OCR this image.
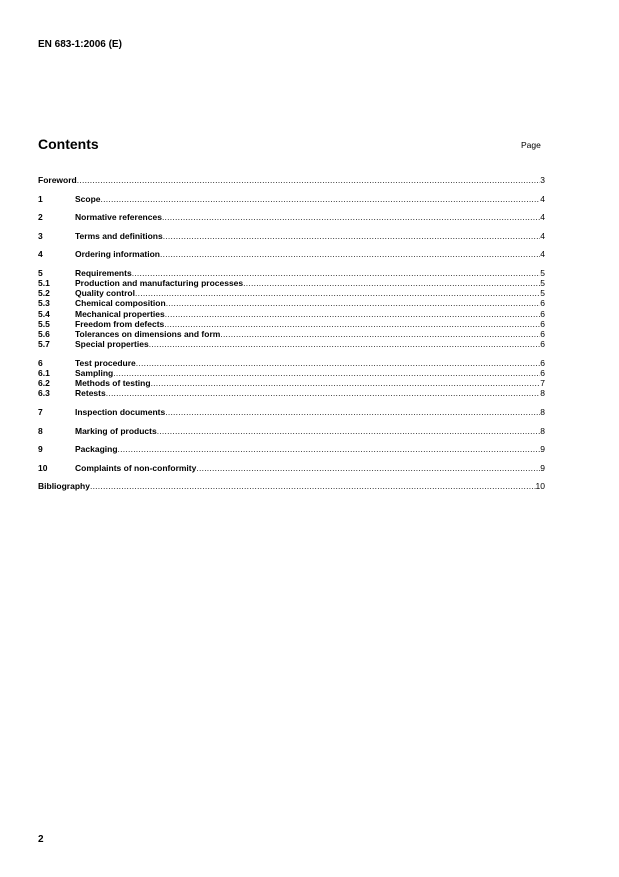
EN 683-1:2006 (E)
Contents	Page
Foreword .....	3
1	Scope .....	4
2	Normative references .....	4
3	Terms and definitions .....	4
4	Ordering information .....	4
5	Requirements .....	5
5.1	Production and manufacturing processes .....	5
5.2	Quality control .....	5
5.3	Chemical composition .....	6
5.4	Mechanical properties .....	6
5.5	Freedom from defects .....	6
5.6	Tolerances on dimensions and form .....	6
5.7	Special properties .....	6
6	Test procedure .....	6
6.1	Sampling .....	6
6.2	Methods of testing .....	7
6.3	Retests .....	8
7	Inspection documents .....	8
8	Marking of products .....	8
9	Packaging .....	9
10	Complaints of non-conformity .....	9
Bibliography .....	10
2
